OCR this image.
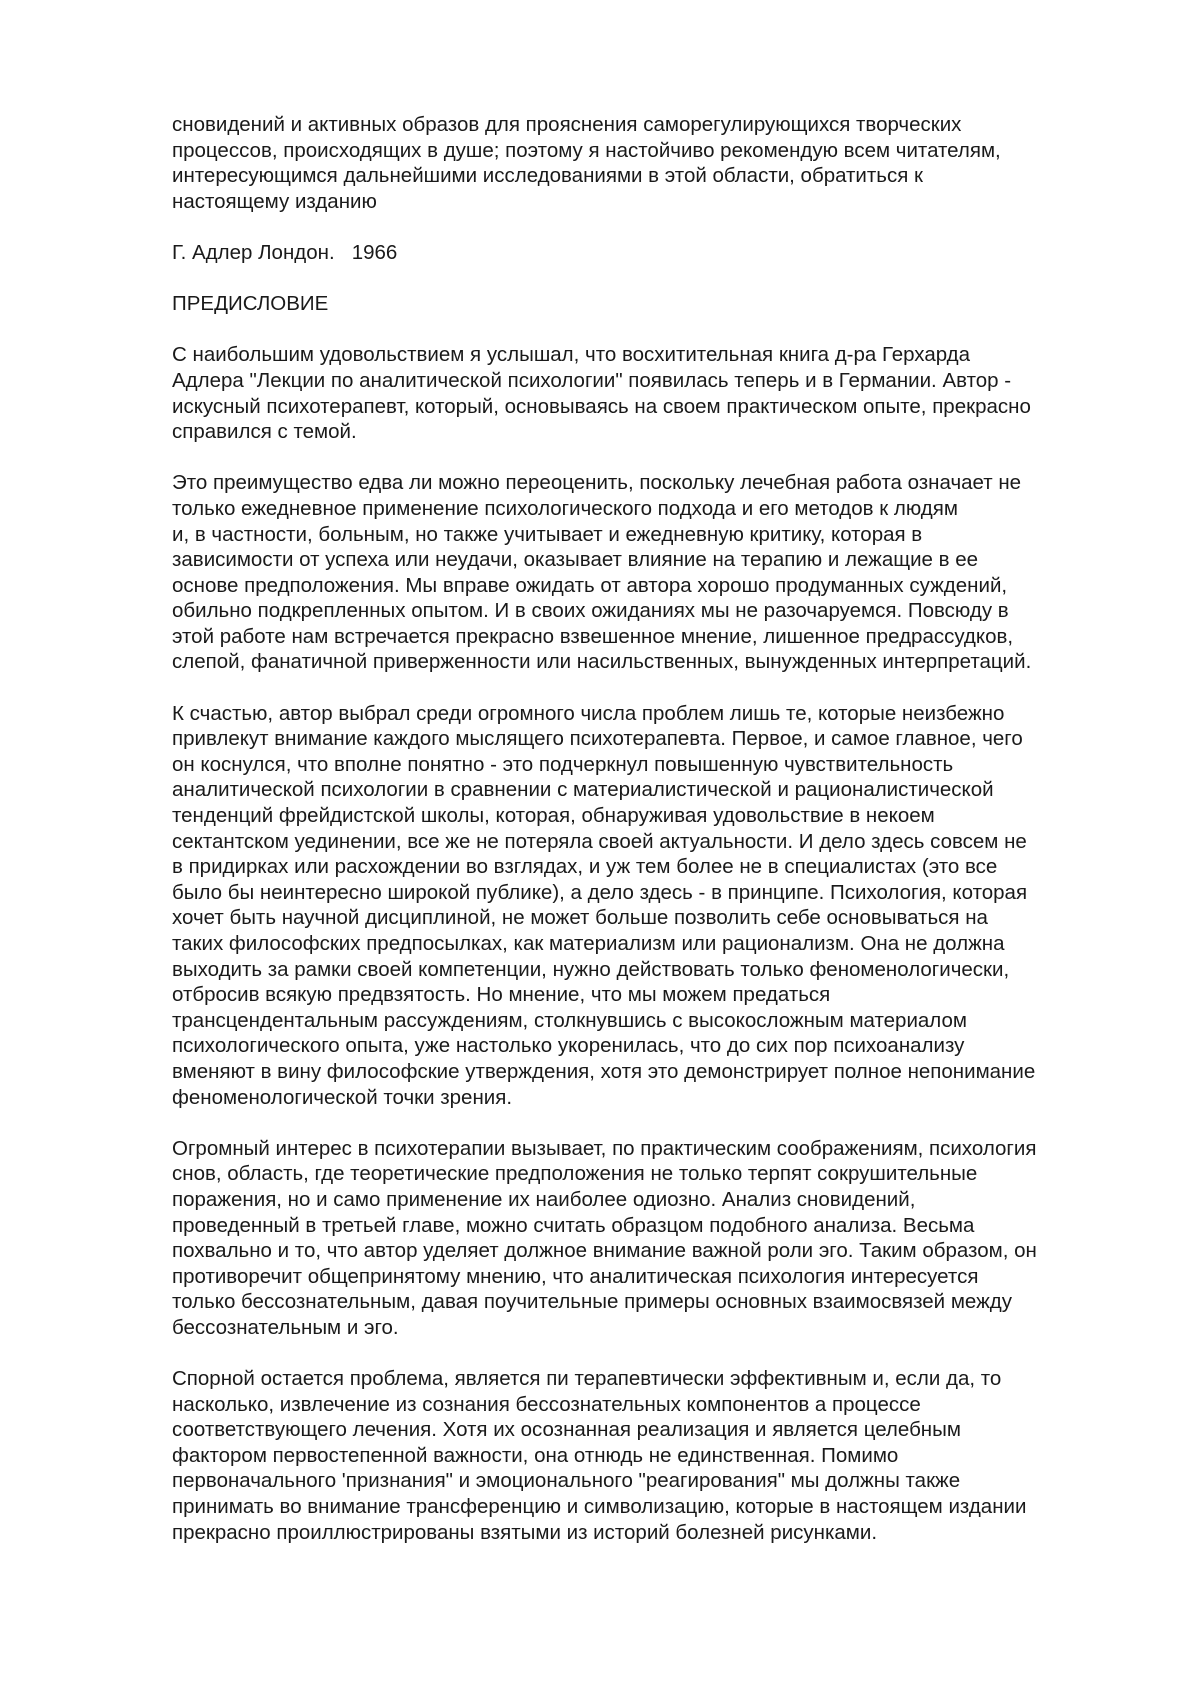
сновидений и активных образов для прояснения саморегулирующихся творческих
процессов, происходящих в душе; поэтому я настойчиво рекомендую всем читателям,
интересующимся дальнейшими исследованиями в этой области, обратиться к
настоящему изданию
Г. Адлер Лондон.   1966
ПРЕДИСЛОВИЕ
С наибольшим удовольствием я услышал, что восхитительная книга д-ра Герхарда
Адлера "Лекции по аналитической психологии" появилась теперь и в Германии. Автор -
искусный психотерапевт, который, основываясь на своем практическом опыте, прекрасно
справился с темой.
Это преимущество едва ли можно переоценить, поскольку лечебная работа означает не
только ежедневное применение психологического подхода и его методов к людям
и, в частности, больным, но также учитывает и ежедневную критику, которая в
зависимости от успеха или неудачи, оказывает влияние на терапию и лежащие в ее
основе предположения. Мы вправе ожидать от автора хорошо продуманных суждений,
обильно подкрепленных опытом. И в своих ожиданиях мы не разочаруемся. Повсюду в
этой работе нам встречается прекрасно взвешенное мнение, лишенное предрассудков,
слепой, фанатичной приверженности или насильственных, вынужденных интерпретаций.
К счастью, автор выбрал среди огромного числа проблем лишь те, которые неизбежно
привлекут внимание каждого мыслящего психотерапевта. Первое, и самое главное, чего
он коснулся, что вполне понятно - это подчеркнул повышенную чувствительность
аналитической психологии в сравнении с материалистической и рационалистической
тенденций фрейдистской школы, которая, обнаруживая удовольствие в некоем
сектантском уединении, все же не потеряла своей актуальности. И дело здесь совсем не
в придирках или расхождении во взглядах, и уж тем более не в специалистах (это все
было бы неинтересно широкой публике), а дело здесь - в принципе. Психология, которая
хочет быть научной дисциплиной, не может больше позволить себе основываться на
таких философских предпосылках, как материализм или рационализм. Она не должна
выходить за рамки своей компетенции, нужно действовать только феноменологически,
отбросив всякую предвзятость. Но мнение, что мы можем предаться
трансцендентальным рассуждениям, столкнувшись с высокосложным материалом
психологического опыта, уже настолько укоренилась, что до сих пор психоанализу
вменяют в вину философские утверждения, хотя это демонстрирует полное непонимание
феноменологической точки зрения.
Огромный интерес в психотерапии вызывает, по практическим соображениям, психология
снов, область, где теоретические предположения не только терпят сокрушительные
поражения, но и само применение их наиболее одиозно. Анализ сновидений,
проведенный в третьей главе, можно считать образцом подобного анализа. Весьма
похвально и то, что автор уделяет должное внимание важной роли эго. Таким образом, он
противоречит общепринятому мнению, что аналитическая психология интересуется
только бессознательным, давая поучительные примеры основных взаимосвязей между
бессознательным и эго.
Спорной остается проблема, является пи терапевтически эффективным и, если да, то
насколько, извлечение из сознания бессознательных компонентов а процессе
соответствующего лечения. Хотя их осознанная реализация и является целебным
фактором первостепенной важности, она отнюдь не единственная. Помимо
первоначального 'признания" и эмоционального "реагирования" мы должны также
принимать во внимание трансференцию и символизацию, которые в настоящем издании
прекрасно проиллюстрированы взятыми из историй болезней рисунками.
